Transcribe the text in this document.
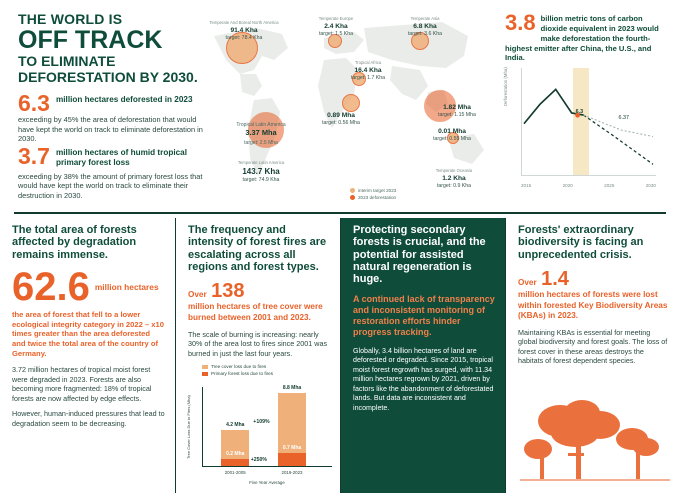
THE WORLD IS
OFF TRACK
TO ELIMINATE DEFORESTATION BY 2030.
6.3 million hectares deforested in 2023
exceeding by 45% the area of deforestation that would have kept the world on track to eliminate deforestation in 2030.
3.7 million hectares of humid tropical primary forest loss
exceeding by 38% the amount of primary forest loss that would have kept the world on track to eliminate their destruction in 2030.
3.8 billion metric tons of carbon dioxide equivalent in 2023 would make deforestation the fourth-highest emitter after China, the U.S., and India.
Temperate And Boreal North America
91.4 Kha
target: 78.4 Kha
Temperate Europe
2.4 Kha
target: 1.5 Kha
Temperate Asia
6.8 Kha
target: 3.6 Kha
Tropical Africa
16.4 Kha
target: 1.7 Kha
0.89 Mha
target: 0.56 Mha
0.01 Mha
target: 0.55 Mha
Temperate Oceania
1.2 Kha
target: 0.9 Kha
Temperate Latin America
143.7 Kha
target: 74.9 Kha
Tropical Latin America
3.37 Mha
target: 2.5 Mha
1.82 Mha
target: 1.15 Mha
interim target 2023
2023 deforestation
Deforestation (Mha)
6.3
6.37
2015	2020	2025	2030
The total area of forests affected by degradation remains immense.
62.6 million hectares
the area of forest that fell to a lower ecological integrity category in 2022 – x10 times greater than the area deforested and twice the total area of the country of Germany.
3.72 million hectares of tropical moist forest were degraded in 2023. Forests are also becoming more fragmented: 18% of tropical forests are now affected by edge effects.
However, human-induced pressures that lead to degradation seem to be decreasing.
The frequency and intensity of forest fires are escalating across all regions and forest types.
Over 138
million hectares of tree cover were burned between 2001 and 2023.
The scale of burning is increasing: nearly 30% of the area lost to fires since 2001 was burned in just the last four years.
Tree cover loss due to fires
Primary forest loss due to fires
Tree Cover Loss Due to Fires (Mha)	4.2 Mha
2001-2005
0.2 Mha
8.8 Mha
2019-2023
0.7 Mha
+109%
+250%
Five Year Average
Protecting secondary forests is crucial, and the potential for assisted natural regeneration is huge.
A continued lack of transparency and inconsistent monitoring of restoration efforts hinder progress tracking.
Globally, 3.4 billion hectares of land are deforested or degraded. Since 2015, tropical moist forest regrowth has surged, with 11.34 million hectares regrown by 2021, driven by factors like the abandonment of deforestated lands. But data are inconsistent and incomplete.
Forests' extraordinary biodiversity is facing an unprecedented crisis.
Over 1.4
million hectares of forests were lost within forested Key Biodiversity Areas (KBAs) in 2023.
Maintaining KBAs is essential for meeting global biodiversity and forest goals. The loss of forest cover in these areas destroys the habitats of forest dependent species.
